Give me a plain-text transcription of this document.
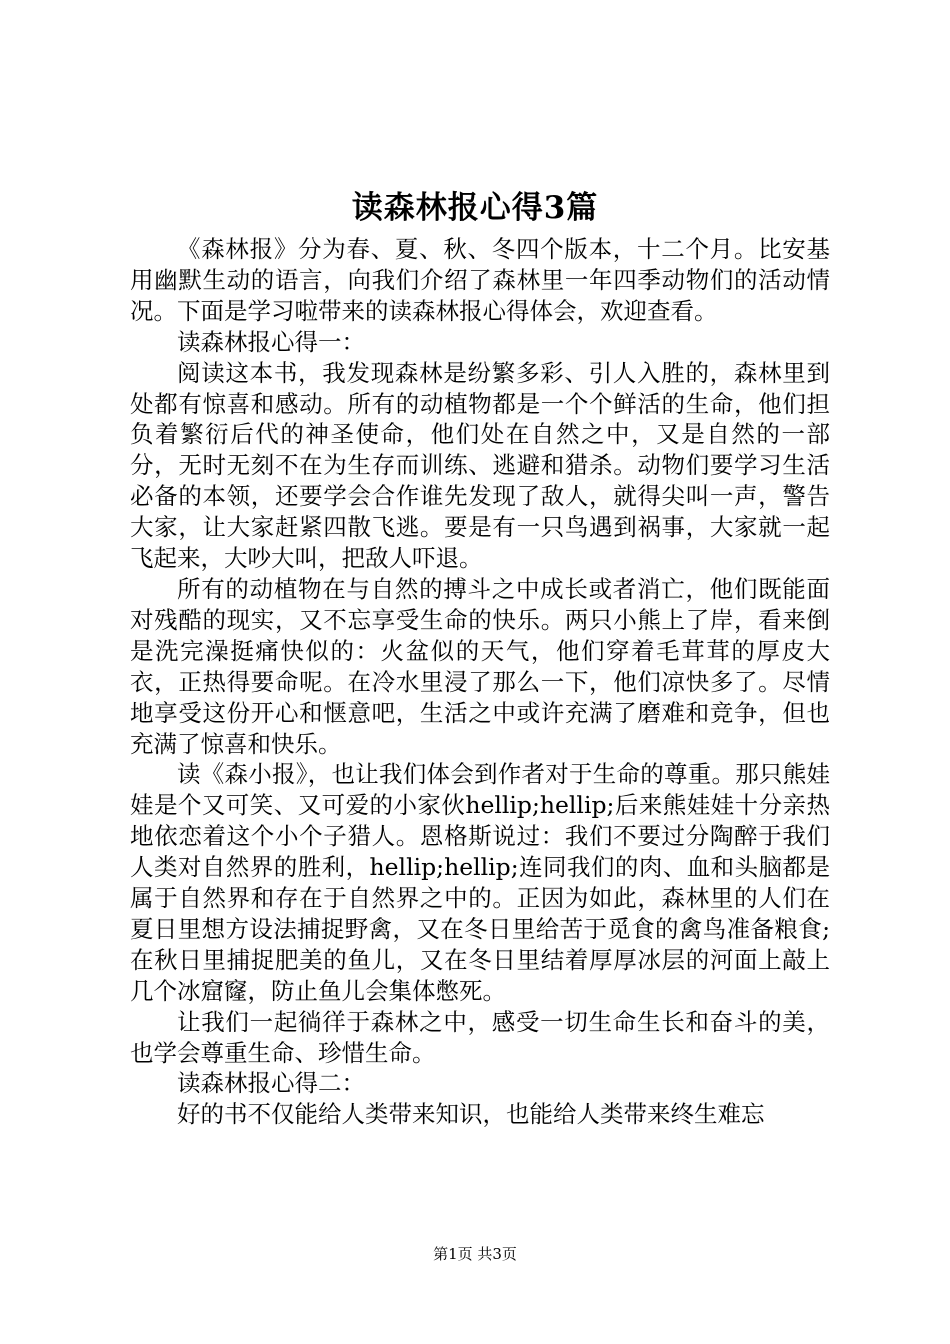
读森林报心得3篇

《森林报》分为春、夏、秋、冬四个版本，十二个月。比安基用幽默生动的语言，向我们介绍了森林里一年四季动物们的活动情况。下面是学习啦带来的读森林报心得体会，欢迎查看。

读森林报心得一：

阅读这本书，我发现森林是纷繁多彩、引人入胜的，森林里到处都有惊喜和感动。所有的动植物都是一个个鲜活的生命，他们担负着繁衍后代的神圣使命，他们处在自然之中，又是自然的一部分，无时无刻不在为生存而训练、逃避和猎杀。动物们要学习生活必备的本领，还要学会合作谁先发现了敌人，就得尖叫一声，警告大家，让大家赶紧四散飞逃。要是有一只鸟遇到祸事，大家就一起飞起来，大吵大叫，把敌人吓退。

所有的动植物在与自然的搏斗之中成长或者消亡，他们既能面对残酷的现实，又不忘享受生命的快乐。两只小熊上了岸，看来倒是洗完澡挺痛快似的：火盆似的天气，他们穿着毛茸茸的厚皮大衣，正热得要命呢。在冷水里浸了那么一下，他们凉快多了。尽情地享受这份开心和惬意吧，生活之中或许充满了磨难和竞争，但也充满了惊喜和快乐。

读《森小报》，也让我们体会到作者对于生命的尊重。那只熊娃娃是个又可笑、又可爱的小家伙hellip;hellip;后来熊娃娃十分亲热地依恋着这个小个子猎人。恩格斯说过：我们不要过分陶醉于我们人类对自然界的胜利，hellip;hellip;连同我们的肉、血和头脑都是属于自然界和存在于自然界之中的。正因为如此，森林里的人们在夏日里想方设法捕捉野禽，又在冬日里给苦于觅食的禽鸟准备粮食;在秋日里捕捉肥美的鱼儿，又在冬日里结着厚厚冰层的河面上敲上几个冰窟窿，防止鱼儿会集体憋死。

让我们一起徜徉于森林之中，感受一切生命生长和奋斗的美，也学会尊重生命、珍惜生命。

读森林报心得二：

好的书不仅能给人类带来知识，也能给人类带来终生难忘

第1页 共3页
